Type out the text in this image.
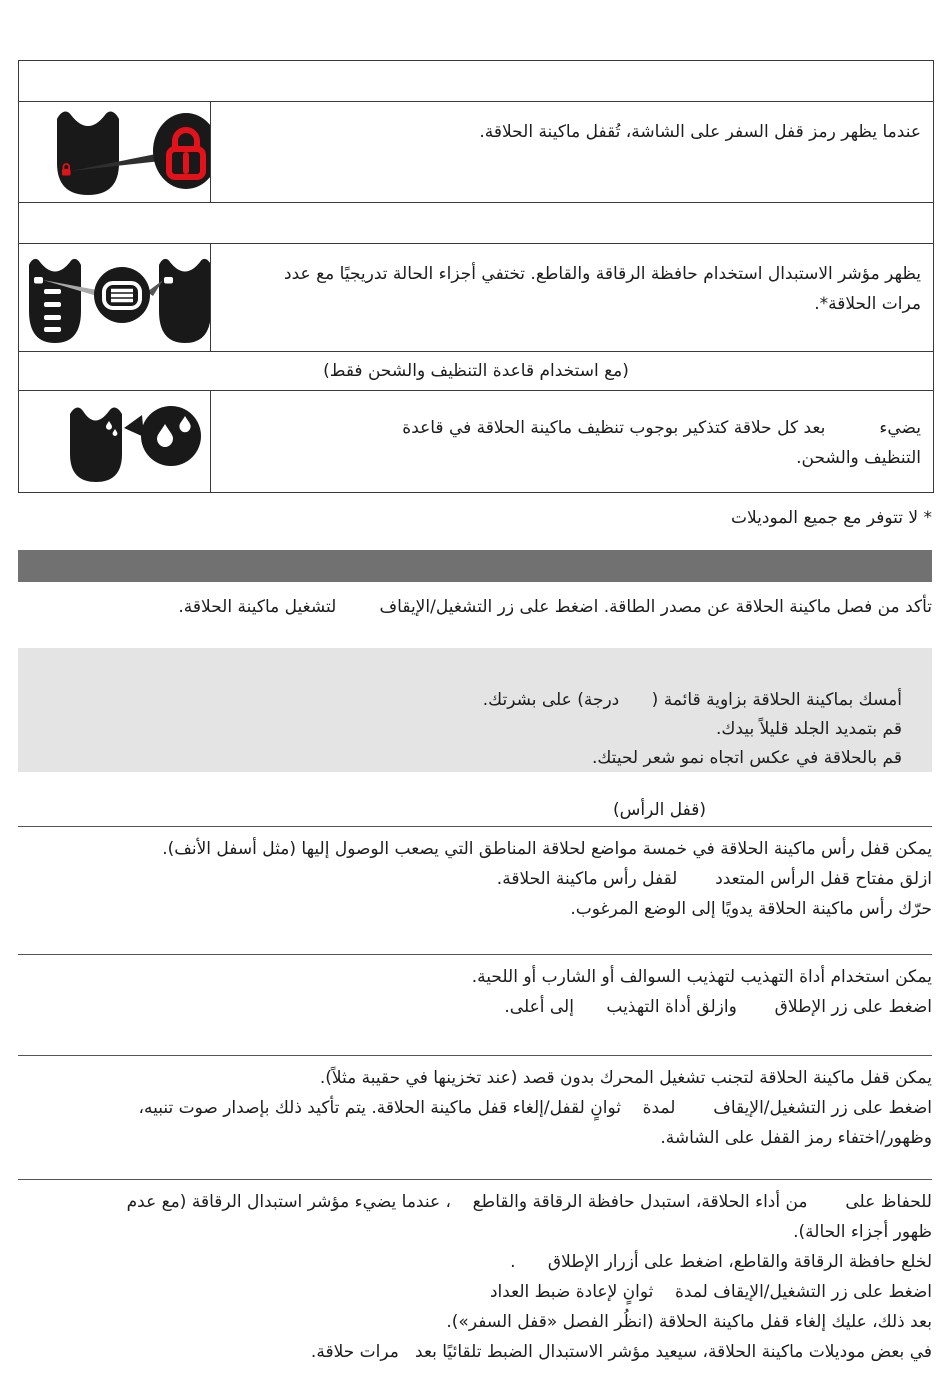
عندما يظهر رمز قفل السفر على الشاشة، تُقفل ماكينة الحلاقة.
يظهر مؤشر الاستبدال استخدام حافظة الرقاقة والقاطع. تختفي أجزاء الحالة تدريجيًا مع عدد
مرات الحلاقة*.
(مع استخدام قاعدة التنظيف والشحن فقط)
يضيء          بعد كل حلاقة كتذكير بوجوب تنظيف ماكينة الحلاقة في قاعدة
التنظيف والشحن.
* لا تتوفر مع جميع الموديلات
تأكد من فصل ماكينة الحلاقة عن مصدر الطاقة. اضغط على زر التشغيل/الإيقاف        لتشغيل ماكينة الحلاقة.
أمسك بماكينة الحلاقة بزاوية قائمة (      درجة) على بشرتك.
قم بتمديد الجلد قليلاً بيدك.
قم بالحلاقة في عكس اتجاه نمو شعر لحيتك.
(قفل الرأس)
يمكن قفل رأس ماكينة الحلاقة في خمسة مواضع لحلاقة المناطق التي يصعب الوصول إليها (مثل أسفل الأنف).
ازلق مفتاح قفل الرأس المتعدد       لقفل رأس ماكينة الحلاقة.
حرّك رأس ماكينة الحلاقة يدويًا إلى الوضع المرغوب.
يمكن استخدام أداة التهذيب لتهذيب السوالف أو الشارب أو اللحية.
اضغط على زر الإطلاق       وازلق أداة التهذيب      إلى أعلى.
يمكن قفل ماكينة الحلاقة لتجنب تشغيل المحرك بدون قصد (عند تخزينها في حقيبة مثلاً).
اضغط على زر التشغيل/الإيقاف       لمدة    ثوانٍ لقفل/إلغاء قفل ماكينة الحلاقة. يتم تأكيد ذلك بإصدار صوت تنبيه،
وظهور/اختفاء رمز القفل على الشاشة.
للحفاظ على       من أداء الحلاقة، استبدل حافظة الرقاقة والقاطع    ، عندما يضيء مؤشر استبدال الرقاقة (مع عدم
ظهور أجزاء الحالة).
لخلع حافظة الرقاقة والقاطع، اضغط على أزرار الإطلاق      .
اضغط على زر التشغيل/الإيقاف لمدة    ثوانٍ لإعادة ضبط العداد
بعد ذلك، عليك إلغاء قفل ماكينة الحلاقة (انظُر الفصل «قفل السفر»).
في بعض موديلات ماكينة الحلاقة، سيعيد مؤشر الاستبدال الضبط تلقائيًا بعد   مرات حلاقة.
